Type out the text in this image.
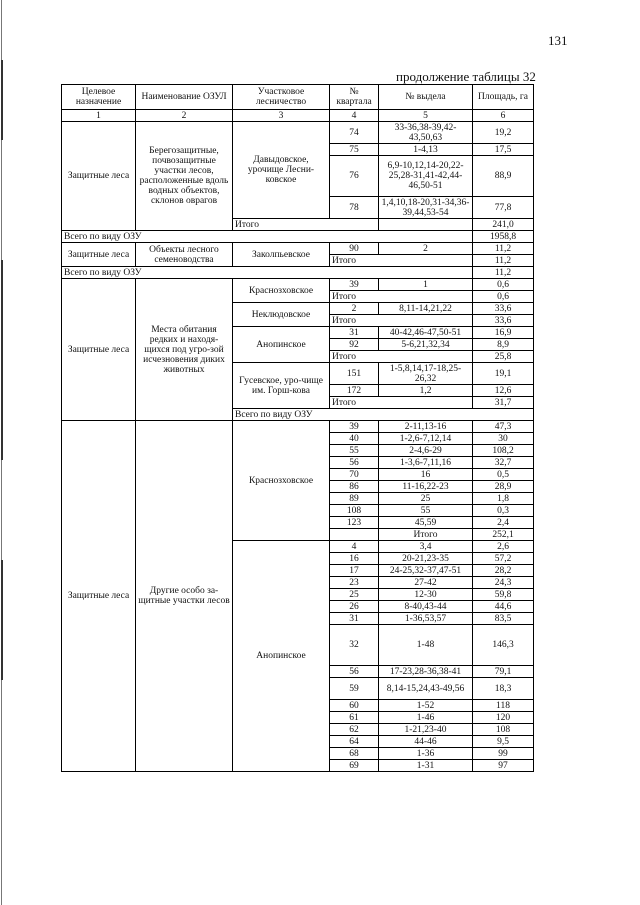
131
продолжение таблицы 32
Целевое назначение	Наименование ОЗУЛ	Участковое лесничество	№ квартала	№ выдела	Площадь, га	
1	2	3	4	5	6	
Защитные леса	Берегозащитные, почвозащитные участки лесов, расположенные вдоль водных объектов, склонов оврагов	Давыдовское, урочище Лесни-ковское	74	33-36,38-39,42-43,50,63	19,2	
			75	1-4,13	17,5	
			76	6,9-10,12,14-20,22-25,28-31,41-42,44-46,50-51	88,9	
			78	1,4,10,18-20,31-34,36-39,44,53-54	77,8	
		Итого			241,0	
Всего по виду ОЗУ					1958,8	
Защитные леса	Объекты лесного семеноводства	Заколпьевское	90	2	11,2	
			Итого		11,2	
Всего по виду ОЗУ					11,2	
Защитные леса	Места обитания редких и находя-щихся под угро-зой исчезновения диких животных	Краснозховское	39	1	0,6	
			Итого		0,6	
		Неклюдовское	2	8,11-14,21,22	33,6	
			Итого		33,6	
		Анопинское	31	40-42,46-47,50-51	16,9	
			92	5-6,21,32,34	8,9	
			Итого		25,8	
		Гусевское, уро-чище им. Горш-кова	151	1-5,8,14,17-18,25-26,32	19,1	
			172	1,2	12,6	
			Итого		31,7	
		Всего по виду ОЗУ	
Защитные леса	Другие особо за-щитные участки лесов	Краснозховское	39	2-11,13-16	47,3	
			40	1-2,6-7,12,14	30	
			55	2-4,6-29	108,2	
			56	1-3,6-7,11,16	32,7	
			70	16	0,5	
			86	11-16,22-23	28,9	
			89	25	1,8	
			108	55	0,3	
			123	45,59	2,4	
				Итого	252,1	
		Анопинское	4	3,4	2,6	
			16	20-21,23-35	57,2	
			17	24-25,32-37,47-51	28,2	
			23	27-42	24,3	
			25	12-30	59,8	
			26	8-40,43-44	44,6	
			31	1-36,53,57	83,5	
			32	1-48	146,3	
			56	17-23,28-36,38-41	79,1	
			59	8,14-15,24,43-49,56	18,3	
			60	1-52	118	
			61	1-46	120	
			62	1-21,23-40	108	
			64	44-46	9,5	
			68	1-36	99	
			69	1-31	97	
